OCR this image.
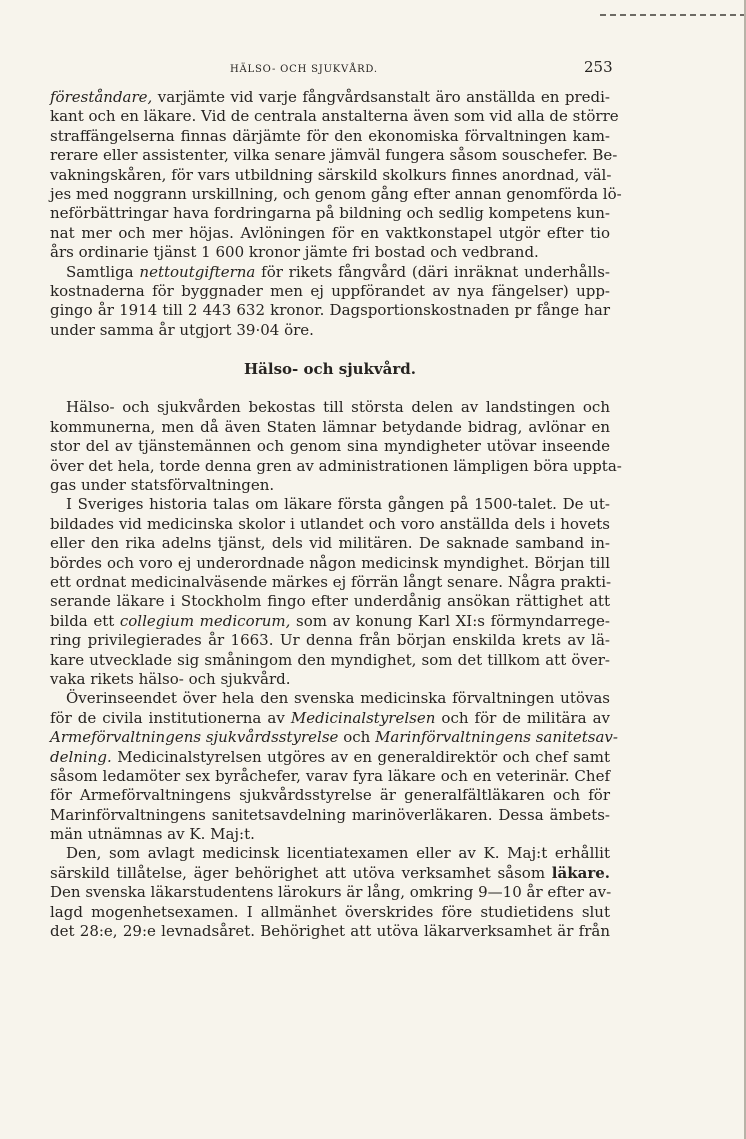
HÄLSO- OCH SJUKVÅRD.	253
föreståndare, varjämte vid varje fångvårdsanstalt äro anställda en predi-
kant och en läkare. Vid de centrala anstalterna även som vid alla de större
straffängelserna finnas därjämte för den ekonomiska förvaltningen kam-
rerare eller assistenter, vilka senare jämväl fungera såsom souschefer. Be-
vakningskåren, för vars utbildning särskild skolkurs finnes anordnad, väl-
jes med noggrann urskillning, och genom gång efter annan genomförda lö-
neförbättringar hava fordringarna på bildning och sedlig kompetens kun-
nat mer och mer höjas. Avlöningen för en vaktkonstapel utgör efter tio
års ordinarie tjänst 1 600 kronor jämte fri bostad och vedbrand.
Samtliga nettoutgifterna för rikets fångvård (däri inräknat underhålls-
kostnaderna för byggnader men ej uppförandet av nya fängelser) upp-
gingo år 1914 till 2 443 632 kronor. Dagsportionskostnaden pr fånge har
under samma år utgjort 39·04 öre.
Hälso- och sjukvård.
Hälso- och sjukvården bekostas till största delen av landstingen och
kommunerna, men då även Staten lämnar betydande bidrag, avlönar en
stor del av tjänstemännen och genom sina myndigheter utövar inseende
över det hela, torde denna gren av administrationen lämpligen böra uppta-
gas under statsförvaltningen.
I Sveriges historia talas om läkare första gången på 1500-talet. De ut-
bildades vid medicinska skolor i utlandet och voro anställda dels i hovets
eller den rika adelns tjänst, dels vid militären. De saknade samband in-
bördes och voro ej underordnade någon medicinsk myndighet. Början till
ett ordnat medicinalväsende märkes ej förrän långt senare. Några prakti-
serande läkare i Stockholm fingo efter underdånig ansökan rättighet att
bilda ett collegium medicorum, som av konung Karl XI:s förmyndarrege-
ring privilegierades år 1663. Ur denna från början enskilda krets av lä-
kare utvecklade sig småningom den myndighet, som det tillkom att över-
vaka rikets hälso- och sjukvård.
Överinseendet över hela den svenska medicinska förvaltningen utövas
för de civila institutionerna av Medicinalstyrelsen och för de militära av
Armeförvaltningens sjukvårdsstyrelse och Marinförvaltningens sanitetsav-
delning. Medicinalstyrelsen utgöres av en generaldirektör och chef samt
såsom ledamöter sex byråchefer, varav fyra läkare och en veterinär. Chef
för Armeförvaltningens sjukvårdsstyrelse är generalfältläkaren och för
Marinförvaltningens sanitetsavdelning marinöverläkaren. Dessa ämbets-
män utnämnas av K. Maj:t.
Den, som avlagt medicinsk licentiatexamen eller av K. Maj:t erhållit
särskild tillåtelse, äger behörighet att utöva verksamhet såsom läkare.
Den svenska läkarstudentens lärokurs är lång, omkring 9—10 år efter av-
lagd mogenhetsexamen. I allmänhet överskrides före studietidens slut
det 28:e, 29:e levnadsåret. Behörighet att utöva läkarverksamhet är från
